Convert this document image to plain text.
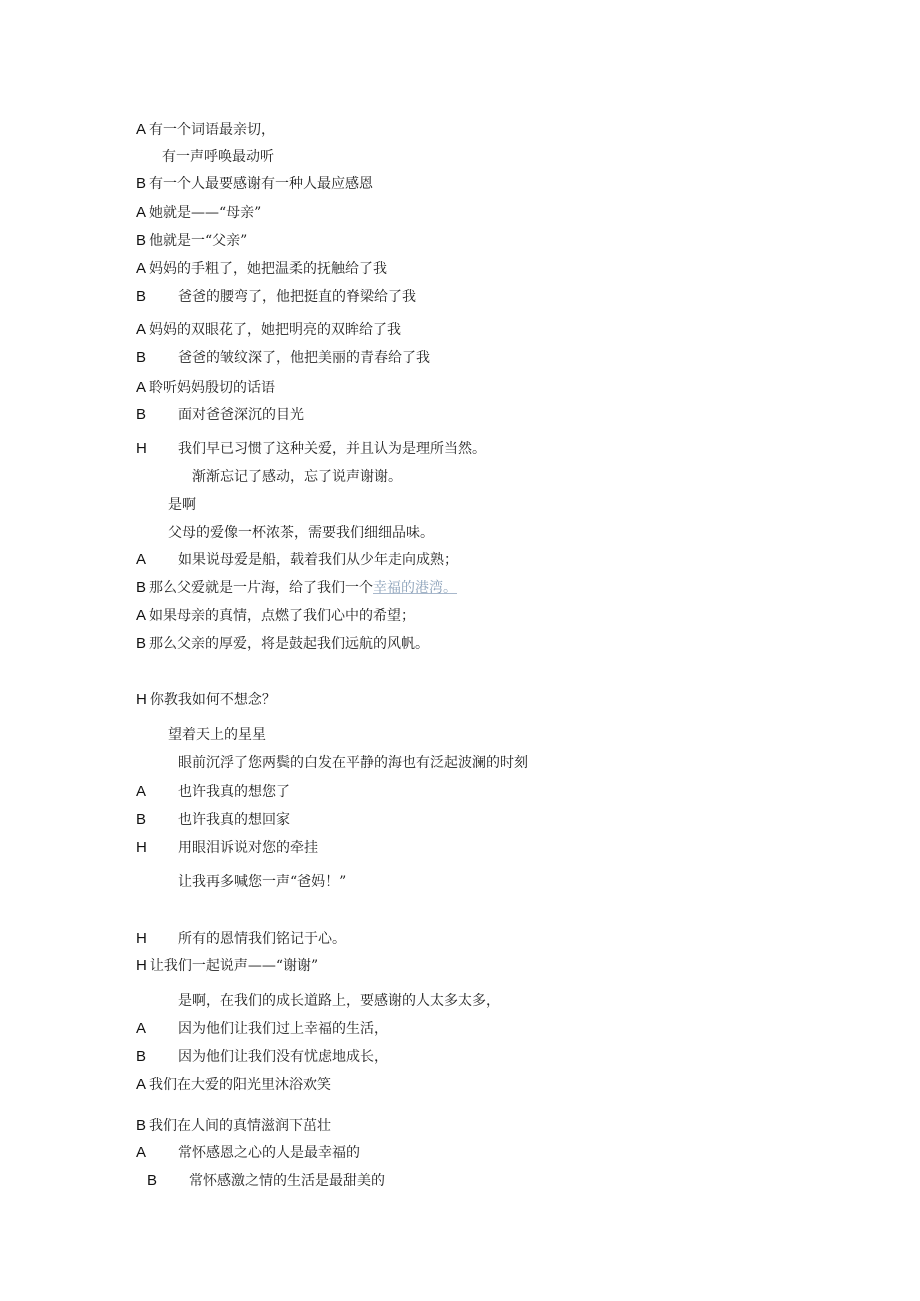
A 有一个词语最亲切，
有一声呼唤最动听
B 有一个人最要感谢有一种人最应感恩
A 她就是——“母亲”
B 他就是一“父亲”
A 妈妈的手粗了，她把温柔的抚触给了我
B 爸爸的腰弯了，他把挺直的脊梁给了我
A 妈妈的双眼花了，她把明亮的双眸给了我
B 爸爸的皱纹深了，他把美丽的青春给了我
A 聆听妈妈殷切的话语
B 面对爸爸深沉的目光
H 我们早已习惯了这种关爱，并且认为是理所当然。
渐渐忘记了感动，忘了说声谢谢。
是啊
父母的爱像一杯浓茶，需要我们细细品味。
A 如果说母爱是船，载着我们从少年走向成熟；
B 那么父爱就是一片海，给了我们一个幸福的港湾。
A 如果母亲的真情，点燃了我们心中的希望；
B 那么父亲的厚爱，将是鼓起我们远航的风帆。
H 你教我如何不想念？
望着天上的星星
眼前沉浮了您两鬓的白发在平静的海也有泛起波澜的时刻
A 也许我真的想您了
B 也许我真的想回家
H 用眼泪诉说对您的牵挂
让我再多喊您一声“爸妈！”
H 所有的恩情我们铭记于心。
H 让我们一起说声——“谢谢”
是啊，在我们的成长道路上，要感谢的人太多太多，
A 因为他们让我们过上幸福的生活，
B 因为他们让我们没有忧虑地成长，
A 我们在大爱的阳光里沐浴欢笑
B 我们在人间的真情滋润下茁壮
A 常怀感恩之心的人是最幸福的
B 常怀感激之情的生活是最甜美的
